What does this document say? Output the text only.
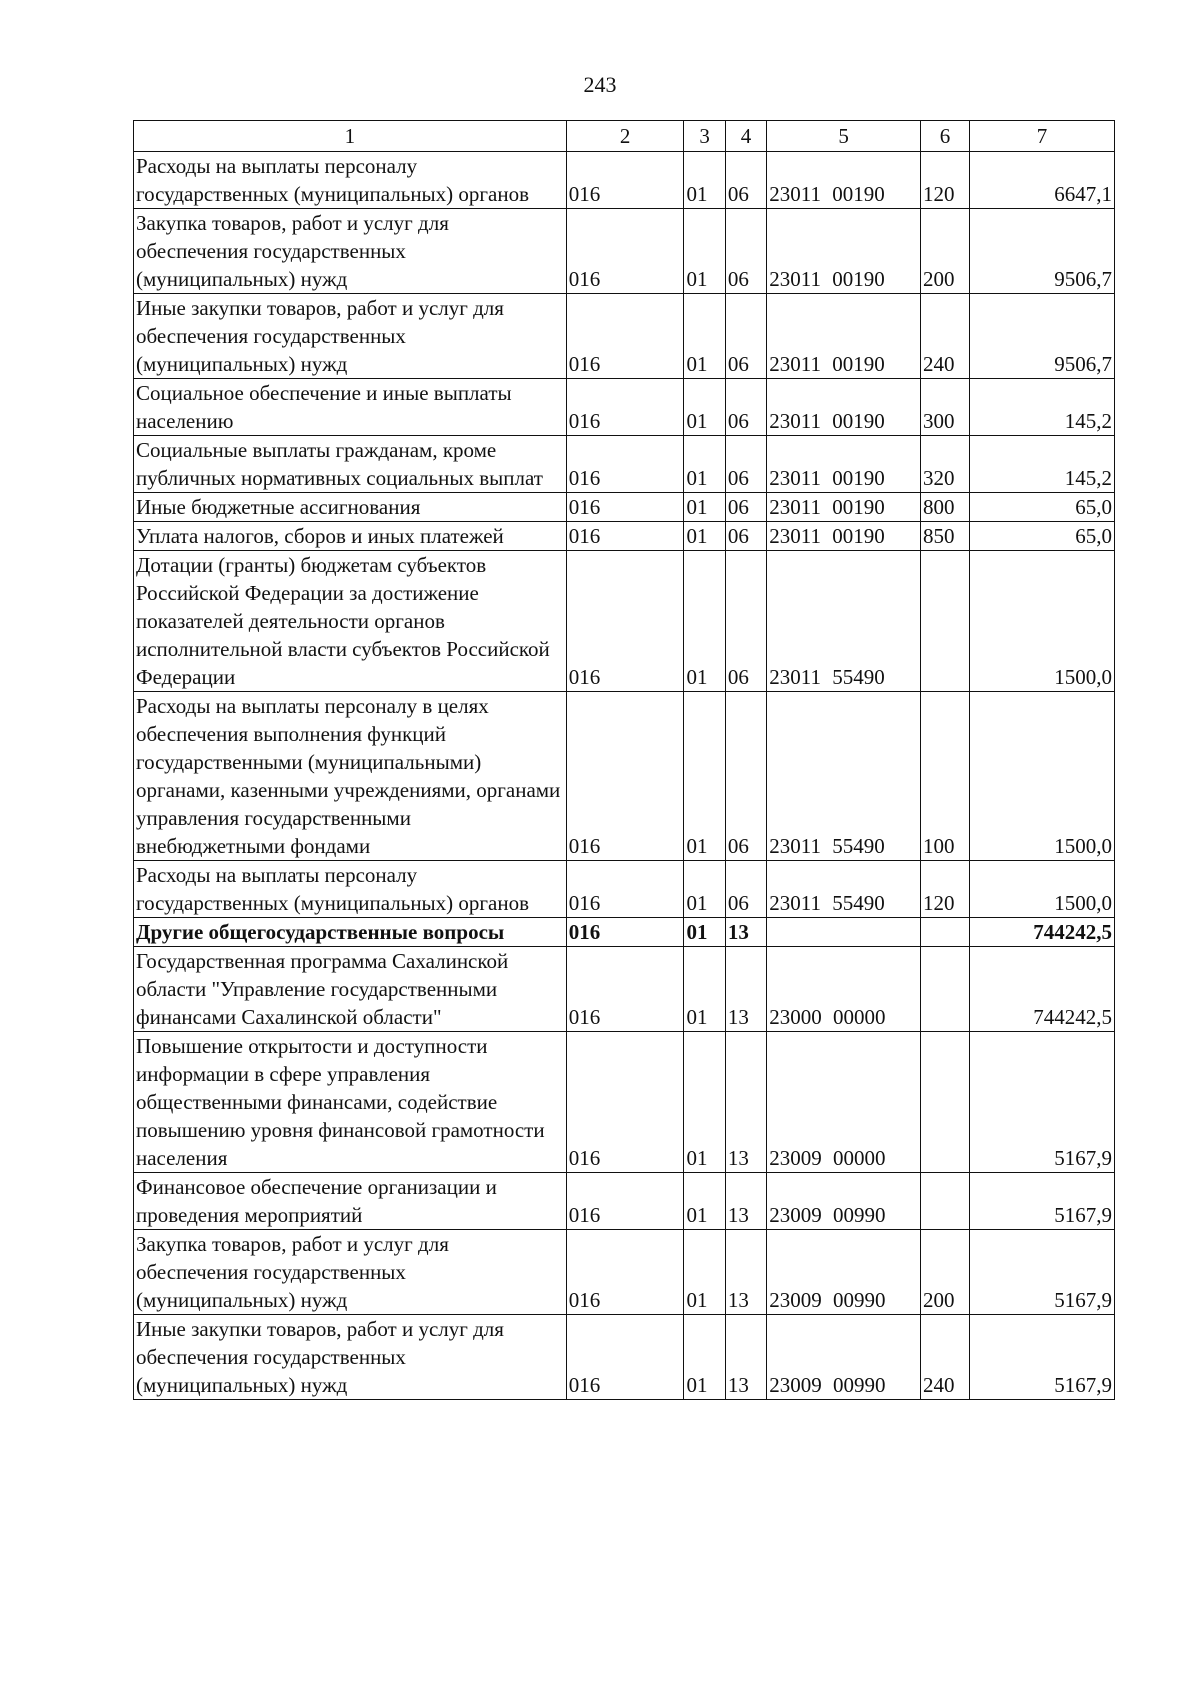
243
1	2	3	4	5	6	7
Расходы на выплаты персоналу государственных (муниципальных) органов	016	01	06	23011 00190	120	6647,1
Закупка товаров, работ и услуг для обеспечения государственных (муниципальных) нужд	016	01	06	23011 00190	200	9506,7
Иные закупки товаров, работ и услуг для обеспечения государственных (муниципальных) нужд	016	01	06	23011 00190	240	9506,7
Социальное обеспечение и иные выплаты населению	016	01	06	23011 00190	300	145,2
Социальные выплаты гражданам, кроме публичных нормативных социальных выплат	016	01	06	23011 00190	320	145,2
Иные бюджетные ассигнования	016	01	06	23011 00190	800	65,0
Уплата налогов, сборов и иных платежей	016	01	06	23011 00190	850	65,0
Дотации (гранты) бюджетам субъектов Российской Федерации за достижение показателей деятельности органов исполнительной власти субъектов Российской Федерации	016	01	06	23011 55490		1500,0
Расходы на выплаты персоналу в целях обеспечения выполнения функций государственными (муниципальными) органами, казенными учреждениями, органами управления государственными внебюджетными фондами	016	01	06	23011 55490	100	1500,0
Расходы на выплаты персоналу государственных (муниципальных) органов	016	01	06	23011 55490	120	1500,0
Другие общегосударственные вопросы	016	01	13			744242,5
Государственная программа Сахалинской области "Управление государственными финансами Сахалинской области"	016	01	13	23000 00000		744242,5
Повышение открытости и доступности информации в сфере управления общественными финансами, содействие повышению уровня финансовой грамотности населения	016	01	13	23009 00000		5167,9
Финансовое обеспечение организации и проведения мероприятий	016	01	13	23009 00990		5167,9
Закупка товаров, работ и услуг для обеспечения государственных (муниципальных) нужд	016	01	13	23009 00990	200	5167,9
Иные закупки товаров, работ и услуг для обеспечения государственных (муниципальных) нужд	016	01	13	23009 00990	240	5167,9
